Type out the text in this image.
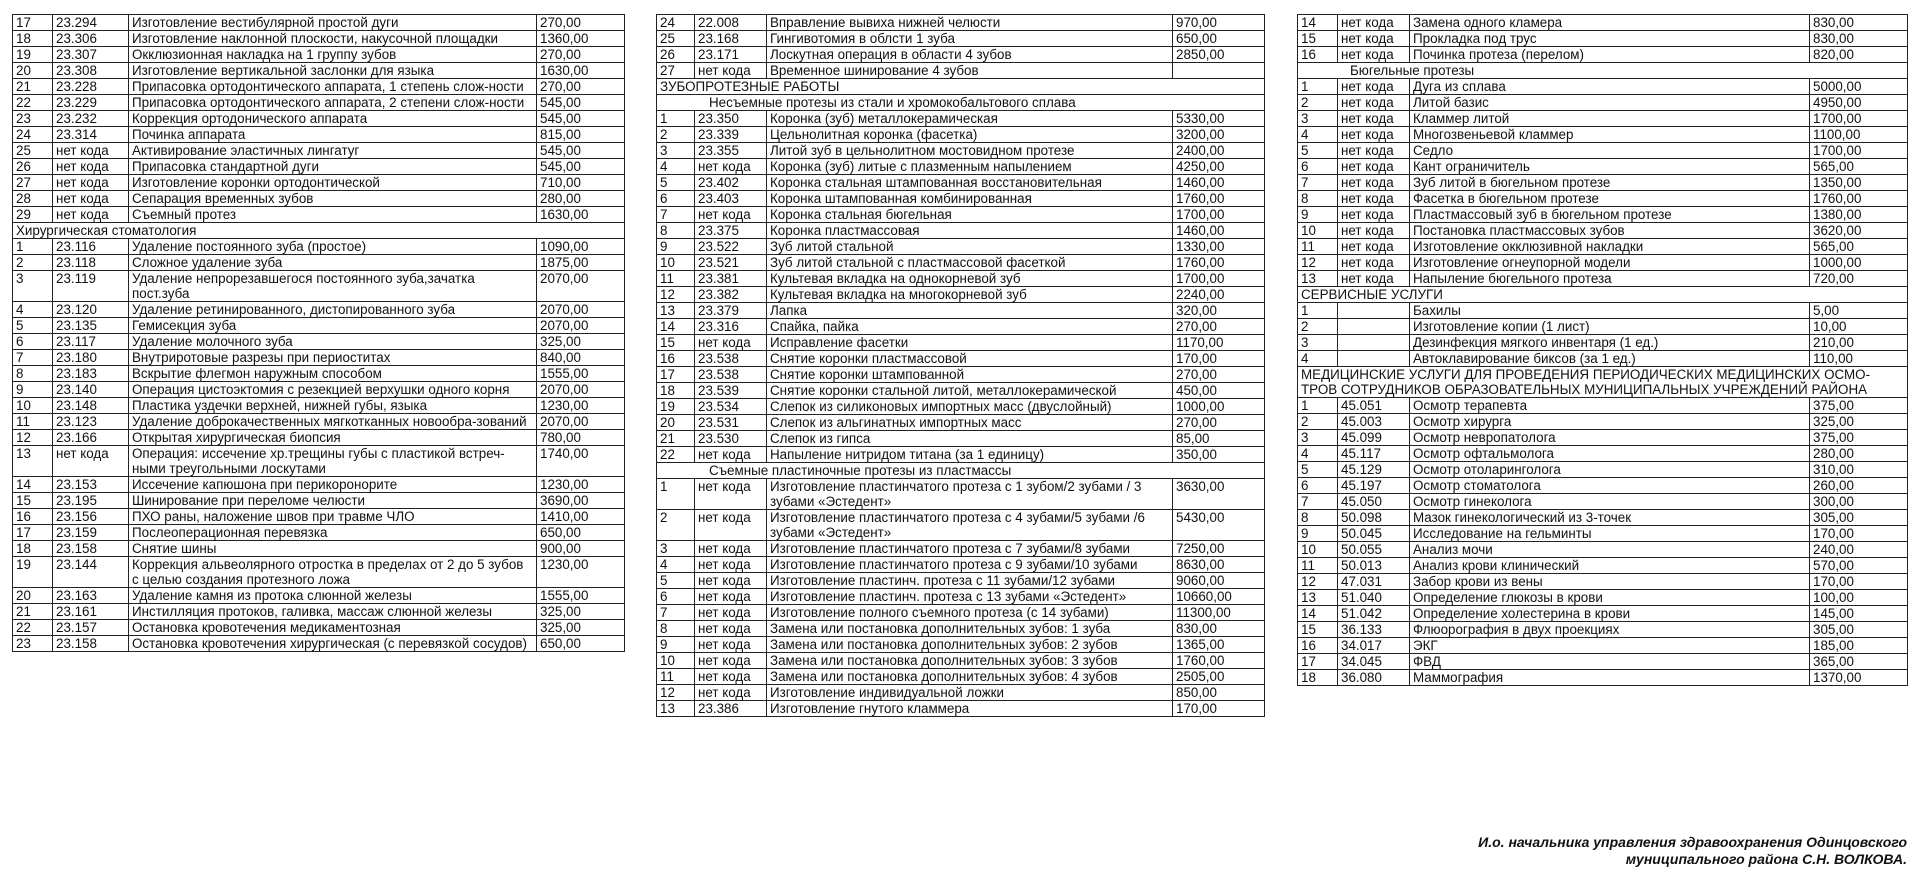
17	23.294	Изготовление вестибулярной простой дуги	270,00
18	23.306	Изготовление наклонной плоскости, накусочной площадки	1360,00
19	23.307	Окклюзионная накладка на 1 группу зубов	270,00
20	23.308	Изготовление вертикальной заслонки для языка	1630,00
21	23.228	Припасовка ортодонтического аппарата, 1 степень слож-ности	270,00
22	23.229	Припасовка ортодонтического аппарата, 2 степени слож-ности	545,00
23	23.232	Коррекция ортодонического аппарата	545,00
24	23.314	Починка аппарата	815,00
25	нет кода	Активирование эластичных лингатуг	545,00
26	нет кода	Припасовка стандартной дуги	545,00
27	нет кода	Изготовление коронки ортодонтической	710,00
28	нет кода	Сепарация временных зубов	280,00
29	нет кода	Съемный протез	1630,00
Хирургическая стоматология			
1	23.116	Удаление постоянного зуба (простое)	1090,00
2	23.118	Сложное удаление зуба	1875,00
3	23.119	Удаление непрорезавшегося постоянного зуба,зачатка пост.зуба	2070,00
4	23.120	Удаление ретинированного, дистопированного зуба	2070,00
5	23.135	Гемисекция зуба	2070,00
6	23.117	Удаление молочного зуба	325,00
7	23.180	Внутриротовые разрезы при периоститах	840,00
8	23.183	Вскрытие флегмон наружным способом	1555,00
9	23.140	Операция цистоэктомия с резекцией верхушки одного корня	2070,00
10	23.148	Пластика уздечки верхней, нижней губы, языка	1230,00
11	23.123	Удаление доброкачественных мягкотканных новообра-зований	2070,00
12	23.166	Открытая хирургическая биопсия	780,00
13	нет кода	Операция: иссечение хр.трещины губы с пластикой встреч-ными треугольными лоскутами	1740,00
14	23.153	Иссечение капюшона при перикоронорите	1230,00
15	23.195	Шинирование при переломе челюсти	3690,00
16	23.156	ПХО раны, наложение швов при травме ЧЛО	1410,00
17	23.159	Послеоперационная перевязка	650,00
18	23.158	Снятие шины	900,00
19	23.144	Коррекция альвеолярного отростка в пределах от 2 до 5 зубов с целью создания протезного ложа	1230,00
20	23.163	Удаление камня из протока слюнной железы	1555,00
21	23.161	Инстилляция протоков, галивка, массаж слюнной железы	325,00
22	23.157	Остановка кровотечения медикаментозная	325,00
23	23.158	Остановка кровотечения хирургическая (с перевязкой сосудов)	650,00
24	22.008	Вправление вывиха нижней челюсти	970,00
25	23.168	Гингивотомия в облсти 1 зуба	650,00
26	23.171	Лоскутная операция в области 4 зубов	2850,00
27	нет кода	Временное шинирование 4 зубов	
ЗУБОПРОТЕЗНЫЕ РАБОТЫ			
Несъемные протезы из стали и хромокобальтового сплава			
1	23.350	Коронка (зуб) металлокерамическая	5330,00
2	23.339	Цельнолитная коронка (фасетка)	3200,00
3	23.355	Литой зуб в цельнолитном мостовидном протезе	2400,00
4	нет кода	Коронка (зуб) литые с плазменным напылением	4250,00
5	23.402	Коронка стальная штампованная восстановительная	1460,00
6	23.403	Коронка штампованная комбинированная	1760,00
7	нет кода	Коронка стальная бюгельная	1700,00
8	23.375	Коронка пластмассовая	1460,00
9	23.522	Зуб литой стальной	1330,00
10	23.521	Зуб литой стальной с пластмассовой фасеткой	1760,00
11	23.381	Культевая вкладка на однокорневой зуб	1700,00
12	23.382	Культевая вкладка на многокорневой зуб	2240,00
13	23.379	Лапка	320,00
14	23.316	Спайка, пайка	270,00
15	нет кода	Исправление фасетки	1170,00
16	23.538	Снятие коронки пластмассовой	170,00
17	23.538	Снятие коронки штампованной	270,00
18	23.539	Снятие коронки стальной литой, металлокерамической	450,00
19	23.534	Слепок из силиконовых импортных масс (двуслойный)	1000,00
20	23.531	Слепок из альгинатных импортных масс	270,00
21	23.530	Слепок из гипса	85,00
22	нет кода	Напыление нитридом титана (за 1 единицу)	350,00
Съемные пластиночные протезы из пластмассы			
1	нет кода	Изготовление пластинчатого протеза с 1 зубом/2 зубами / 3 зубами «Эстедент»	3630,00
2	нет кода	Изготовление пластинчатого протеза с 4 зубами/5 зубами /6 зубами «Эстедент»	5430,00
3	нет кода	Изготовление пластинчатого протеза с 7 зубами/8 зубами	7250,00
4	нет кода	Изготовление пластинчатого протеза с 9 зубами/10 зубами	8630,00
5	нет кода	Изготовление пластинч. протеза с 11 зубами/12 зубами	9060,00
6	нет кода	Изготовление пластинч. протеза с 13 зубами «Эстедент»	10660,00
7	нет кода	Изготовление полного съемного протеза (с 14 зубами)	11300,00
8	нет кода	Замена или постановка дополнительных зубов: 1 зуба	830,00
9	нет кода	Замена или постановка дополнительных зубов: 2 зубов	1365,00
10	нет кода	Замена или постановка дополнительных зубов: 3 зубов	1760,00
11	нет кода	Замена или постановка дополнительных зубов: 4 зубов	2505,00
12	нет кода	Изготовление индивидуальной ложки	850,00
13	23.386	Изготовление гнутого кламмера	170,00
14	нет кода	Замена одного кламера	830,00
15	нет кода	Прокладка под трус	830,00
16	нет кода	Починка протеза (перелом)	820,00
Бюгельные протезы			
1	нет кода	Дуга из сплава	5000,00
2	нет кода	Литой базис	4950,00
3	нет кода	Кламмер литой	1700,00
4	нет кода	Многозвеньевой кламмер	1100,00
5	нет кода	Седло	1700,00
6	нет кода	Кант ограничитель	565,00
7	нет кода	Зуб литой в бюгельном протезе	1350,00
8	нет кода	Фасетка в бюгельном протезе	1760,00
9	нет кода	Пластмассовый зуб в бюгельном протезе	1380,00
10	нет кода	Постановка пластмассовых зубов	3620,00
11	нет кода	Изготовление окклюзивной накладки	565,00
12	нет кода	Изготовление огнеупорной модели	1000,00
13	нет кода	Напыление бюгельного протеза	720,00
СЕРВИСНЫЕ УСЛУГИ			
1		Бахилы	5,00
2		Изготовление копии (1 лист)	10,00
3		Дезинфекция мягкого инвентаря (1 ед.)	210,00
4		Автоклавирование биксов (за 1 ед.)	110,00
МЕДИЦИНСКИЕ УСЛУГИ ДЛЯ ПРОВЕДЕНИЯ ПЕРИОДИЧЕСКИХ МЕДИЦИНСКИХ ОСМО-ТРОВ СОТРУДНИКОВ ОБРАЗОВАТЕЛЬНЫХ МУНИЦИПАЛЬНЫХ УЧРЕЖДЕНИЙ РАЙОНА			
1	45.051	Осмотр терапевта	375,00
2	45.003	Осмотр хирурга	325,00
3	45.099	Осмотр невропатолога	375,00
4	45.117	Осмотр офтальмолога	280,00
5	45.129	Осмотр отоларинголога	310,00
6	45.197	Осмотр стоматолога	260,00
7	45.050	Осмотр гинеколога	300,00
8	50.098	Мазок гинекологический из 3-точек	305,00
9	50.045	Исследование на гельминты	170,00
10	50.055	Анализ мочи	240,00
11	50.013	Анализ крови клинический	570,00
12	47.031	Забор крови из вены	170,00
13	51.040	Определение глюкозы в крови	100,00
14	51.042	Определение холестерина в крови	145,00
15	36.133	Флюорография в двух проекциях	305,00
16	34.017	ЭКГ	185,00
17	34.045	ФВД	365,00
18	36.080	Маммография	1370,00
И.о. начальника управления здравоохранения Одинцовского
муниципального района С.Н. ВОЛКОВА.
